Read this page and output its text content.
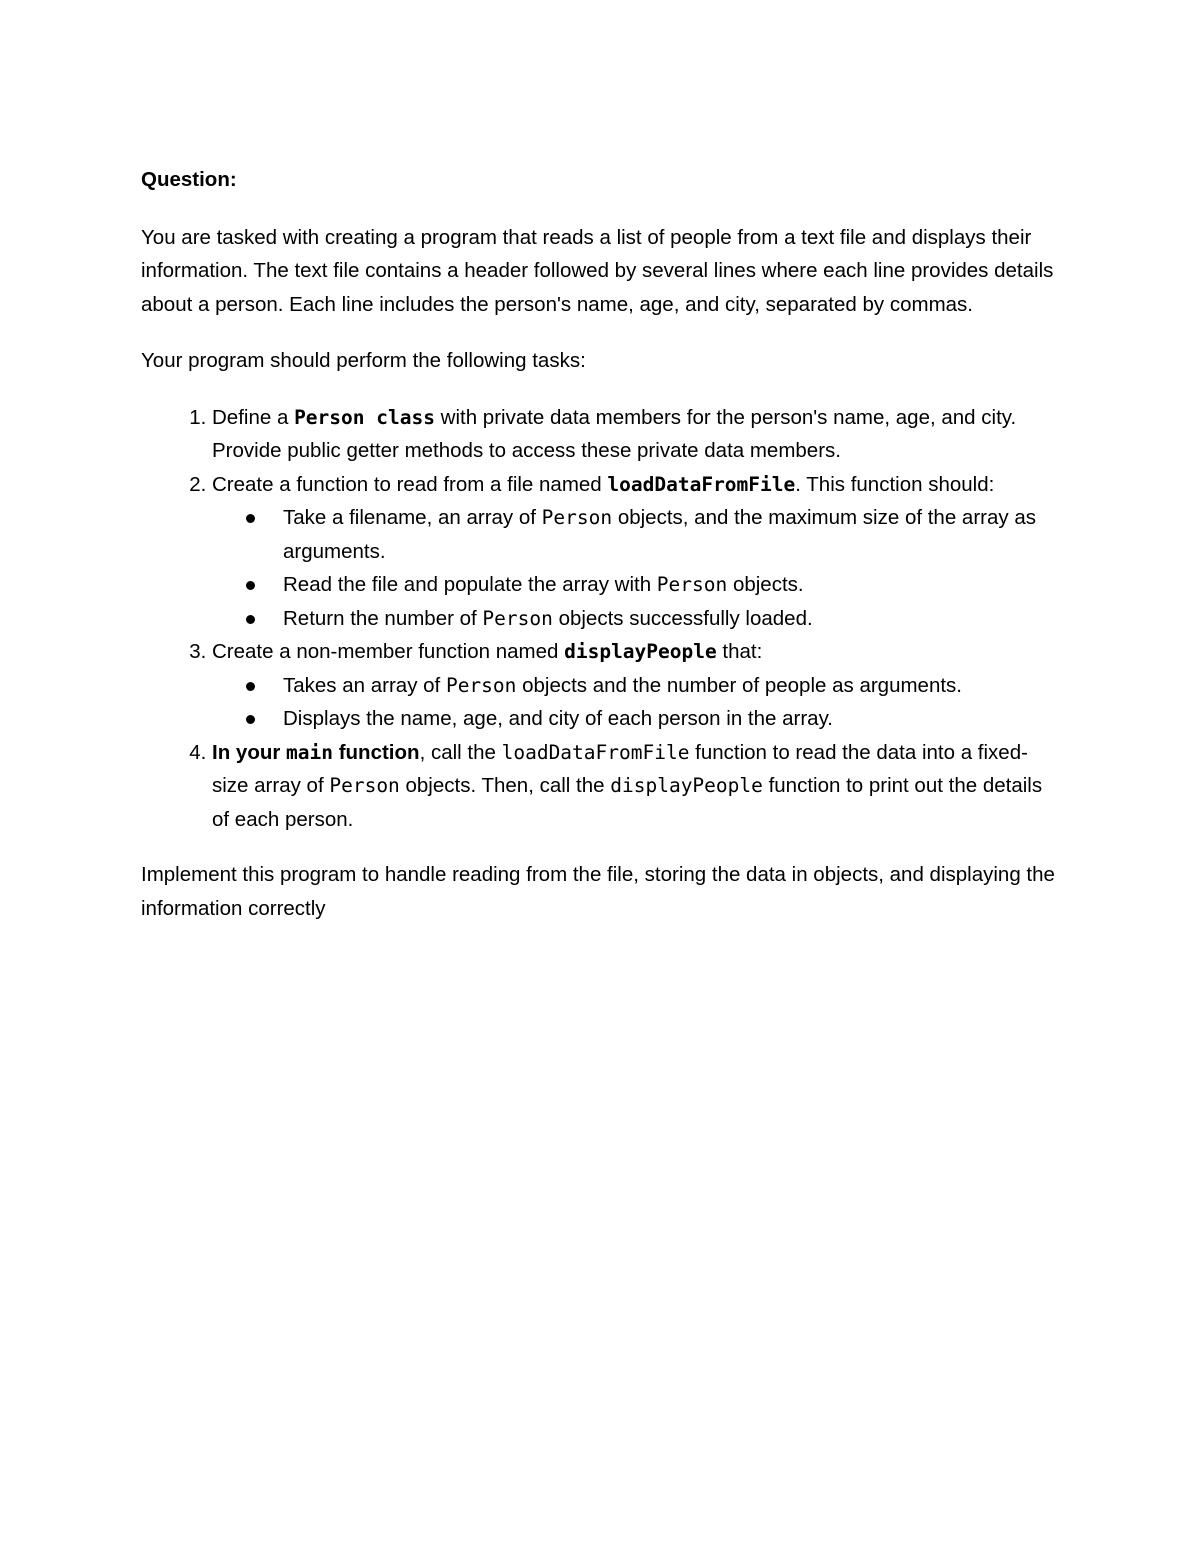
Question:

You are tasked with creating a program that reads a list of people from a text file and displays their information. The text file contains a header followed by several lines where each line provides details about a person. Each line includes the person's name, age, and city, separated by commas.

Your program should perform the following tasks:

1. Define a Person class with private data members for the person's name, age, and city. Provide public getter methods to access these private data members.
2. Create a function to read from a file named loadDataFromFile. This function should:
Take a filename, an array of Person objects, and the maximum size of the array as arguments.
Read the file and populate the array with Person objects.
Return the number of Person objects successfully loaded.
3. Create a non-member function named displayPeople that:
Takes an array of Person objects and the number of people as arguments.
Displays the name, age, and city of each person in the array.
4. In your main function, call the loadDataFromFile function to read the data into a fixed-size array of Person objects. Then, call the displayPeople function to print out the details of each person.

Implement this program to handle reading from the file, storing the data in objects, and displaying the information correctly
